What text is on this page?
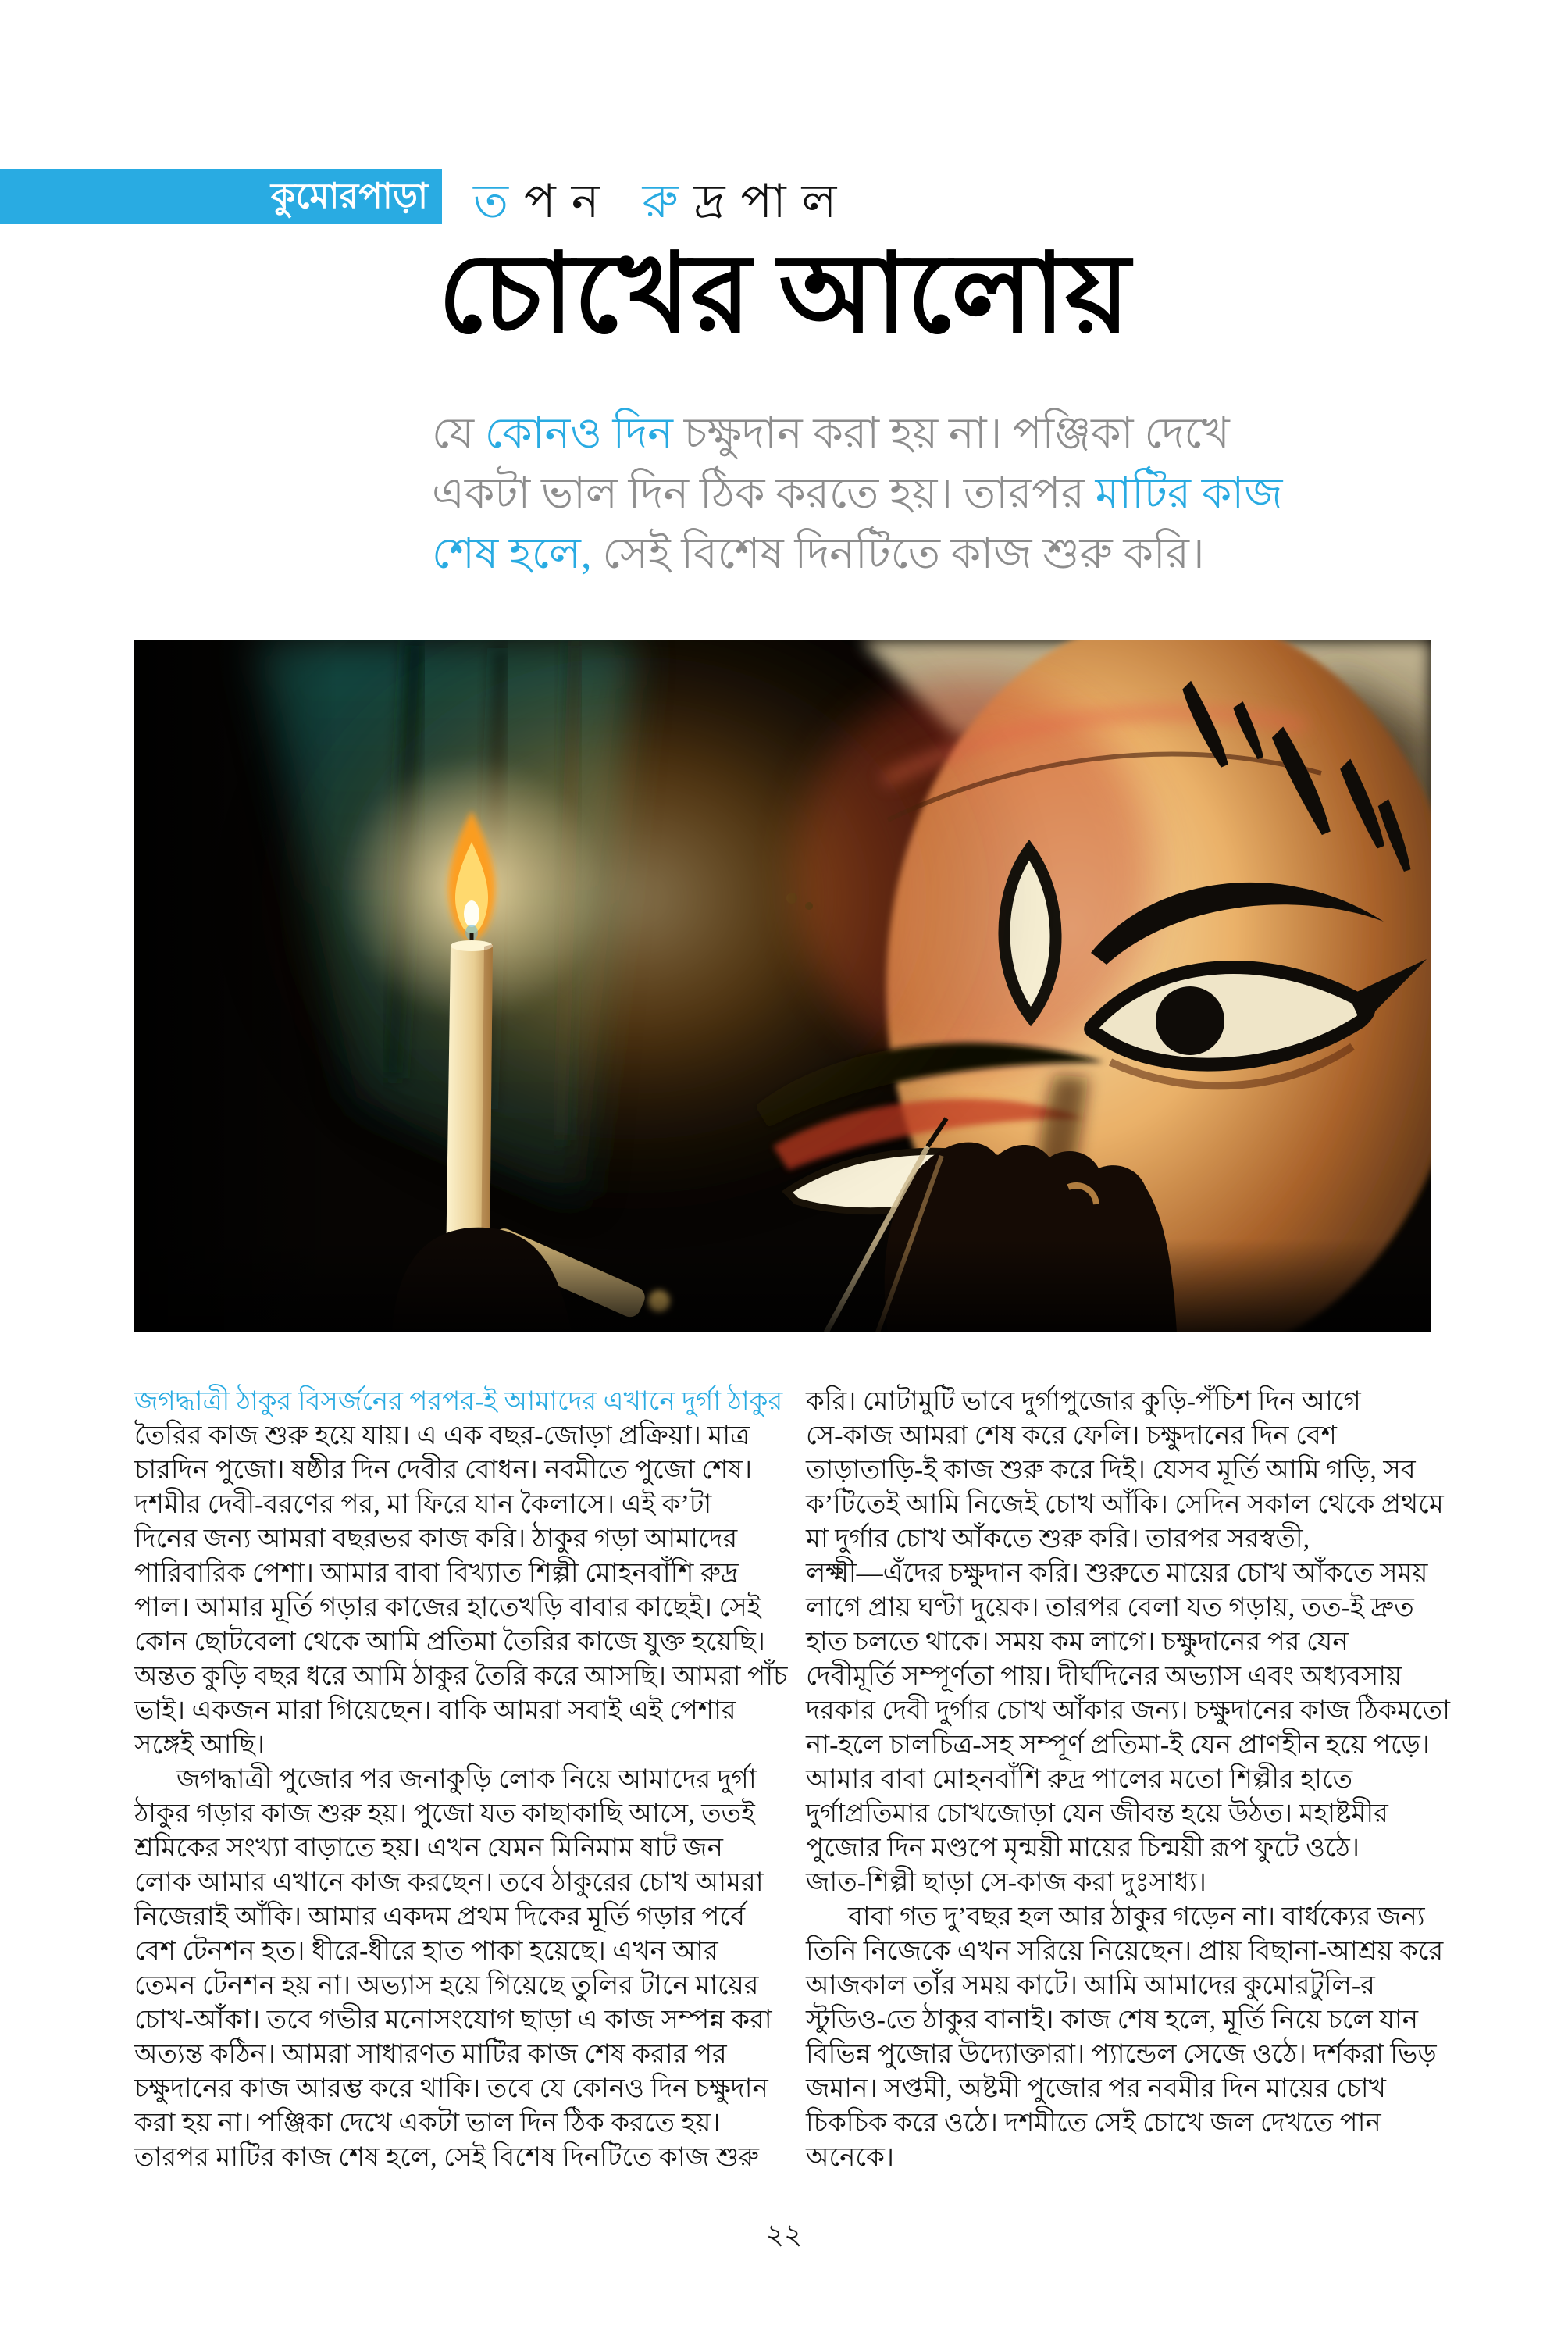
কুমোরপাড়া তপন রুদ্রপাল
চোখের আলোয়
যে কোনও দিন চক্ষুদান করা হয় না। পঞ্জিকা দেখে
একটা ভাল দিন ঠিক করতে হয়। তারপর মাটির কাজ
শেষ হলে, সেই বিশেষ দিনটিতে কাজ শুরু করি।
জগদ্ধাত্রী ঠাকুর বিসর্জনের পরপর-ই আমাদের এখানে দুর্গা ঠাকুর
তৈরির কাজ শুরু হয়ে যায়। এ এক বছর-জোড়া প্রক্রিয়া। মাত্র
চারদিন পুজো। ষষ্ঠীর দিন দেবীর বোধন। নবমীতে পুজো শেষ।
দশমীর দেবী-বরণের পর, মা ফিরে যান কৈলাসে। এই ক’টা
দিনের জন্য আমরা বছরভর কাজ করি। ঠাকুর গড়া আমাদের
পারিবারিক পেশা। আমার বাবা বিখ্যাত শিল্পী মোহনবাঁশি রুদ্র
পাল। আমার মূর্তি গড়ার কাজের হাতেখড়ি বাবার কাছেই। সেই
কোন ছোটবেলা থেকে আমি প্রতিমা তৈরির কাজে যুক্ত হয়েছি।
অন্তত কুড়ি বছর ধরে আমি ঠাকুর তৈরি করে আসছি। আমরা পাঁচ
ভাই। একজন মারা গিয়েছেন। বাকি আমরা সবাই এই পেশার
সঙ্গেই আছি।
জগদ্ধাত্রী পুজোর পর জনাকুড়ি লোক নিয়ে আমাদের দুর্গা
ঠাকুর গড়ার কাজ শুরু হয়। পুজো যত কাছাকাছি আসে, ততই
শ্রমিকের সংখ্যা বাড়াতে হয়। এখন যেমন মিনিমাম ষাট জন
লোক আমার এখানে কাজ করছেন। তবে ঠাকুরের চোখ আমরা
নিজেরাই আঁকি। আমার একদম প্রথম দিকের মূর্তি গড়ার পর্বে
বেশ টেনশন হত। ধীরে-ধীরে হাত পাকা হয়েছে। এখন আর
তেমন টেনশন হয় না। অভ্যাস হয়ে গিয়েছে তুলির টানে মায়ের
চোখ-আঁকা। তবে গভীর মনোসংযোগ ছাড়া এ কাজ সম্পন্ন করা
অত্যন্ত কঠিন। আমরা সাধারণত মাটির কাজ শেষ করার পর
চক্ষুদানের কাজ আরম্ভ করে থাকি। তবে যে কোনও দিন চক্ষুদান
করা হয় না। পঞ্জিকা দেখে একটা ভাল দিন ঠিক করতে হয়।
তারপর মাটির কাজ শেষ হলে, সেই বিশেষ দিনটিতে কাজ শুরু
করি। মোটামুটি ভাবে দুর্গাপুজোর কুড়ি-পঁচিশ দিন আগে
সে-কাজ আমরা শেষ করে ফেলি। চক্ষুদানের দিন বেশ
তাড়াতাড়ি-ই কাজ শুরু করে দিই। যেসব মূর্তি আমি গড়ি, সব
ক’টিতেই আমি নিজেই চোখ আঁকি। সেদিন সকাল থেকে প্রথমে
মা দুর্গার চোখ আঁকতে শুরু করি। তারপর সরস্বতী,
লক্ষ্মী—এঁদের চক্ষুদান করি। শুরুতে মায়ের চোখ আঁকতে সময়
লাগে প্রায় ঘণ্টা দুয়েক। তারপর বেলা যত গড়ায়, তত-ই দ্রুত
হাত চলতে থাকে। সময় কম লাগে। চক্ষুদানের পর যেন
দেবীমূর্তি সম্পূর্ণতা পায়। দীর্ঘদিনের অভ্যাস এবং অধ্যবসায়
দরকার দেবী দুর্গার চোখ আঁকার জন্য। চক্ষুদানের কাজ ঠিকমতো
না-হলে চালচিত্র-সহ সম্পূর্ণ প্রতিমা-ই যেন প্রাণহীন হয়ে পড়ে।
আমার বাবা মোহনবাঁশি রুদ্র পালের মতো শিল্পীর হাতে
দুর্গাপ্রতিমার চোখজোড়া যেন জীবন্ত হয়ে উঠত। মহাষ্টমীর
পুজোর দিন মণ্ডপে মৃন্ময়ী মায়ের চিন্ময়ী রূপ ফুটে ওঠে।
জাত-শিল্পী ছাড়া সে-কাজ করা দুঃসাধ্য।
বাবা গত দু’বছর হল আর ঠাকুর গড়েন না। বার্ধক্যের জন্য
তিনি নিজেকে এখন সরিয়ে নিয়েছেন। প্রায় বিছানা-আশ্রয় করে
আজকাল তাঁর সময় কাটে। আমি আমাদের কুমোরটুলি-র
স্টুডিও-তে ঠাকুর বানাই। কাজ শেষ হলে, মূর্তি নিয়ে চলে যান
বিভিন্ন পুজোর উদ্যোক্তারা। প্যান্ডেল সেজে ওঠে। দর্শকরা ভিড়
জমান। সপ্তমী, অষ্টমী পুজোর পর নবমীর দিন মায়ের চোখ
চিকচিক করে ওঠে। দশমীতে সেই চোখে জল দেখতে পান
অনেকে।
২২
